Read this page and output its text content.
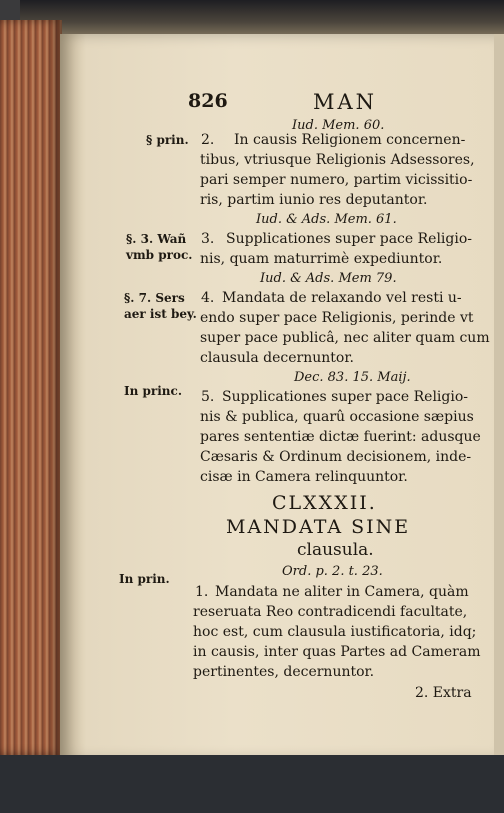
826	MAN
Iud. Mem. 60.
§ prin. 2. In causis Religionem concernen-
tibus, vtriusque Religionis Adsessores,
pari semper numero, partim vicissitio-
ris, partim iunio res deputantor.
Iud. & Ads. Mem. 61.
§. 3. Wañ
vmb proc.
3. Supplicationes super pace Religio-
nis, quam maturrimè expediuntor.
Iud. & Ads. Mem 79.
§. 7. Sers
aer ist bey.
4. Mandata de relaxando vel resti u-
endo super pace Religionis, perinde vt
super pace publicâ, nec aliter quam cum
clausula decernuntor.
Dec. 83. 15. Maij.
In princ. 5. Supplicationes super pace Religio-
nis & publica, quarû occasione sæpius
pares sententiæ dictæ fuerint: adusque
Cæsaris & Ordinum decisionem, inde-
cisæ in Camera relinquuntor.
CLXXXII.
MANDATA SINE
clausula.
Ord. p. 2. t. 23.
In prin.
1. Mandata ne aliter in Camera, quàm
reseruata Reo contradicendi facultate,
hoc est, cum clausula iustificatoria, idq;
in causis, inter quas Partes ad Cameram
pertinentes, decernuntor.
2. Extra
